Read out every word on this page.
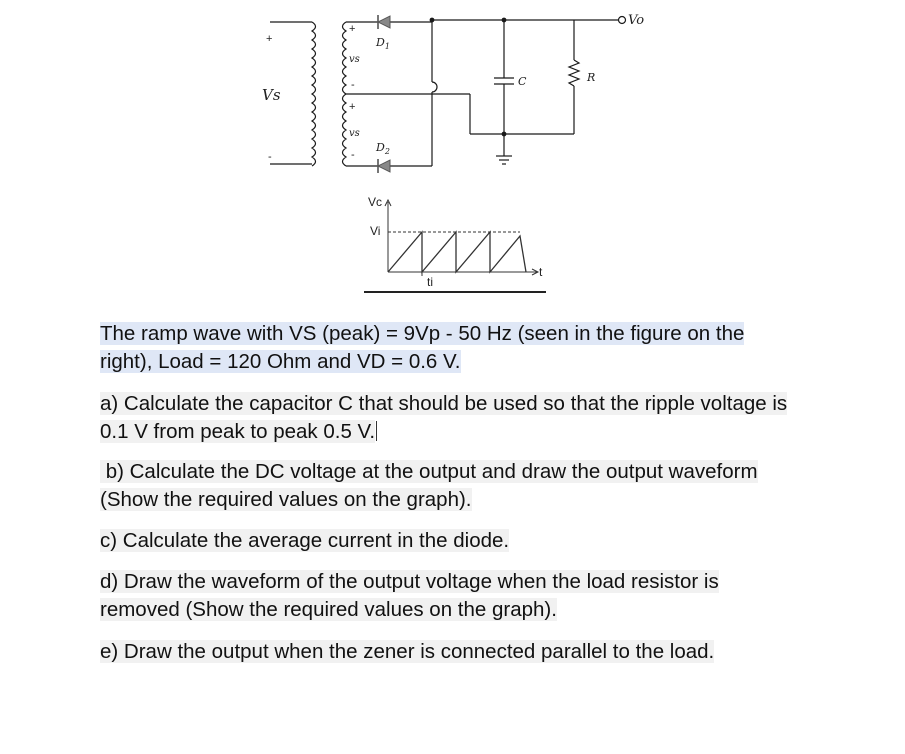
Vs
+
-
+
vs
-
+
vs
-
$D_1$
$D_2$
C	R
Vo
Vc
Vi
t
ti
The ramp wave with VS (peak) = 9Vp - 50 Hz (seen in the figure on the
right), Load = 120 Ohm and VD = 0.6 V.
a) Calculate the capacitor C that should be used so that the ripple voltage is
0.1 V from peak to peak 0.5 V.
b) Calculate the DC voltage at the output and draw the output waveform
(Show the required values on the graph).
c) Calculate the average current in the diode.
d) Draw the waveform of the output voltage when the load resistor is
removed (Show the required values on the graph).
e) Draw the output when the zener is connected parallel to the load.
